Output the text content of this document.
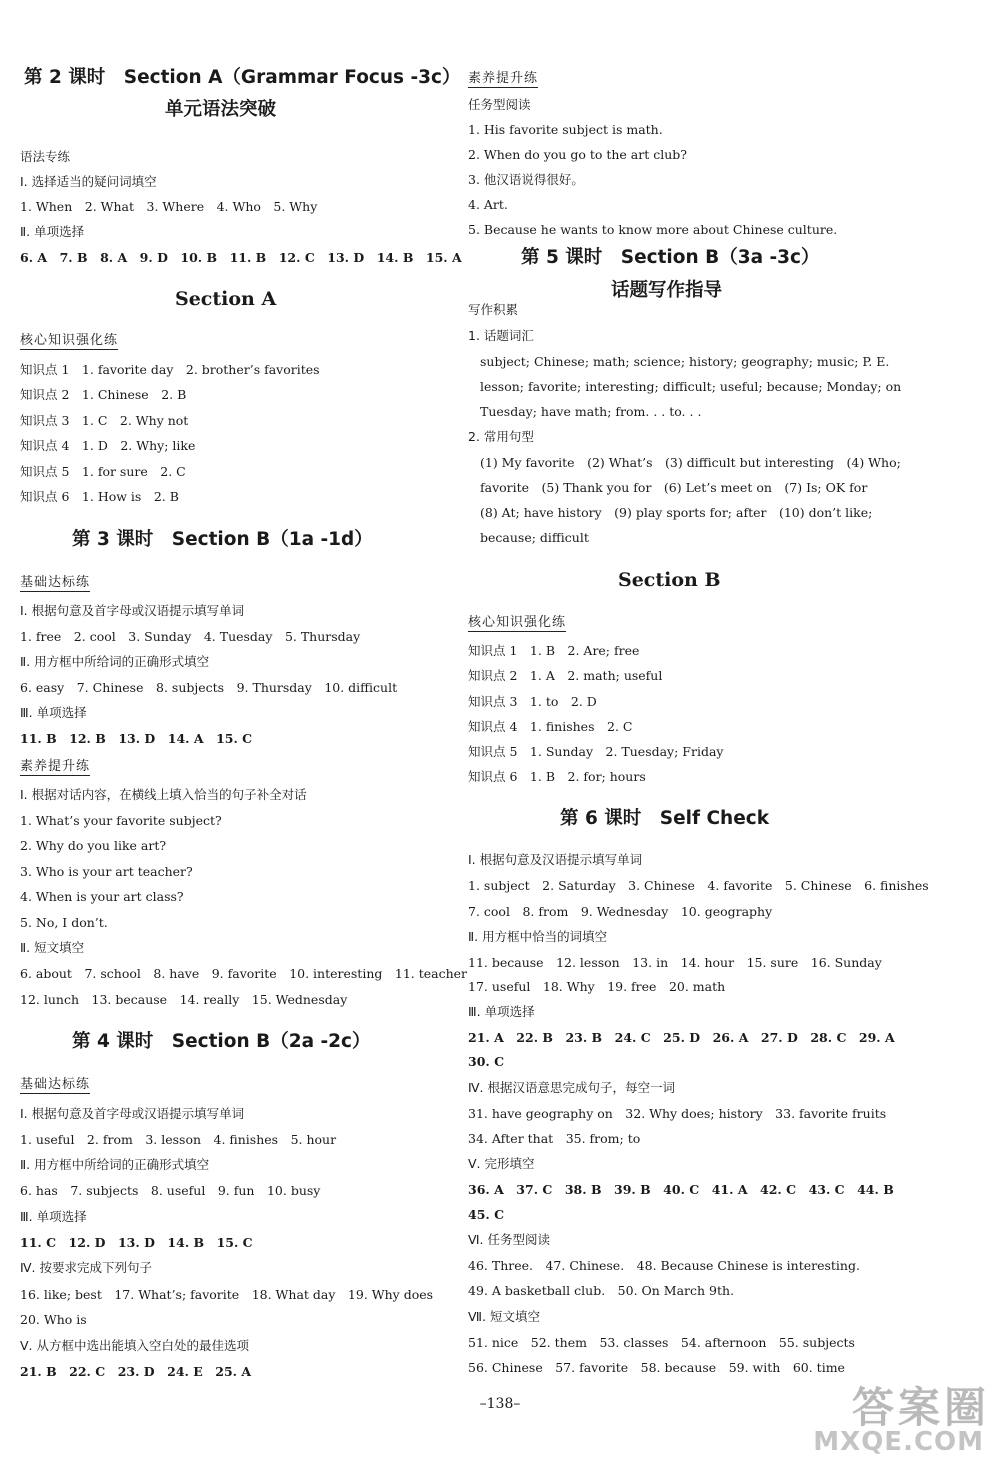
第 2 课时　Section A（Grammar Focus -3c）
单元语法突破
语法专练
Ⅰ. 选择适当的疑问词填空
1. When　2. What　3. Where　4. Who　5. Why
Ⅱ. 单项选择
6. A　7. B　8. A　9. D　10. B　11. B　12. C　13. D　14. B　15. A
Section A
核心知识强化练
知识点 1　1. favorite day　2. brother’s favorites
知识点 2　1. Chinese　2. B
知识点 3　1. C　2. Why not
知识点 4　1. D　2. Why; like
知识点 5　1. for sure　2. C
知识点 6　1. How is　2. B
第 3 课时　Section B（1a -1d）
基础达标练
Ⅰ. 根据句意及首字母或汉语提示填写单词
1. free　2. cool　3. Sunday　4. Tuesday　5. Thursday
Ⅱ. 用方框中所给词的正确形式填空
6. easy　7. Chinese　8. subjects　9. Thursday　10. difficult
Ⅲ. 单项选择
11. B　12. B　13. D　14. A　15. C
素养提升练
Ⅰ. 根据对话内容，在横线上填入恰当的句子补全对话
1. What’s your favorite subject?
2. Why do you like art?
3. Who is your art teacher?
4. When is your art class?
5. No, I don’t.
Ⅱ. 短文填空
6. about　7. school　8. have　9. favorite　10. interesting　11. teacher
12. lunch　13. because　14. really　15. Wednesday
第 4 课时　Section B（2a -2c）
基础达标练
Ⅰ. 根据句意及首字母或汉语提示填写单词
1. useful　2. from　3. lesson　4. finishes　5. hour
Ⅱ. 用方框中所给词的正确形式填空
6. has　7. subjects　8. useful　9. fun　10. busy
Ⅲ. 单项选择
11. C　12. D　13. D　14. B　15. C
Ⅳ. 按要求完成下列句子
16. like; best　17. What’s; favorite　18. What day　19. Why does
20. Who is
Ⅴ. 从方框中选出能填入空白处的最佳选项
21. B　22. C　23. D　24. E　25. A
素养提升练
任务型阅读
1. His favorite subject is math.
2. When do you go to the art club?
3. 他汉语说得很好。
4. Art.
5. Because he wants to know more about Chinese culture.
第 5 课时　Section B（3a -3c）
话题写作指导
写作积累
1. 话题词汇
subject; Chinese; math; science; history; geography; music; P. E.
lesson; favorite; interesting; difficult; useful; because; Monday; on
Tuesday; have math; from. . . to. . .
2. 常用句型
(1) My favorite　(2) What’s　(3) difficult but interesting　(4) Who;
favorite　(5) Thank you for　(6) Let’s meet on　(7) Is; OK for
(8) At; have history　(9) play sports for; after　(10) don’t like;
because; difficult
Section B
核心知识强化练
知识点 1　1. B　2. Are; free
知识点 2　1. A　2. math; useful
知识点 3　1. to　2. D
知识点 4　1. finishes　2. C
知识点 5　1. Sunday　2. Tuesday; Friday
知识点 6　1. B　2. for; hours
第 6 课时　Self Check
Ⅰ. 根据句意及汉语提示填写单词
1. subject　2. Saturday　3. Chinese　4. favorite　5. Chinese　6. finishes
7. cool　8. from　9. Wednesday　10. geography
Ⅱ. 用方框中恰当的词填空
11. because　12. lesson　13. in　14. hour　15. sure　16. Sunday
17. useful　18. Why　19. free　20. math
Ⅲ. 单项选择
21. A　22. B　23. B　24. C　25. D　26. A　27. D　28. C　29. A
30. C
Ⅳ. 根据汉语意思完成句子，每空一词
31. have geography on　32. Why does; history　33. favorite fruits
34. After that　35. from; to
Ⅴ. 完形填空
36. A　37. C　38. B　39. B　40. C　41. A　42. C　43. C　44. B
45. C
Ⅵ. 任务型阅读
46. Three.　47. Chinese.　48. Because Chinese is interesting.
49. A basketball club.　50. On March 9th.
Ⅶ. 短文填空
51. nice　52. them　53. classes　54. afternoon　55. subjects
56. Chinese　57. favorite　58. because　59. with　60. time
–138–	答案圈
MXQE.COM
